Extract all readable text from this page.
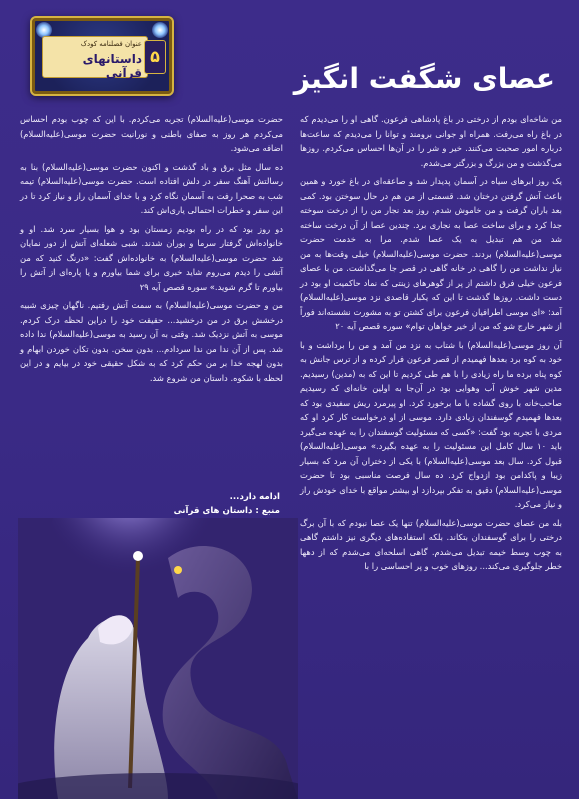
عنوان فصلنامه کودک
داستانهای قرآنی
۵
عصای شگفت انگیز

من شاخه‌ای بودم از درختی در باغ پادشاهی فرعون. گاهی او را می‌دیدم که در باغ راه می‌رفت. همراه او جوانی برومند و توانا را می‌دیدم که ساعت‌ها درباره امور صحبت می‌کنند. خیر و شر را در آن‌ها احساس می‌کردم. روزها می‌گذشت و من بزرگ و بزرگتر می‌شدم.

یک روز ابرهای سیاه در آسمان پدیدار شد و صاعقه‌ای در باغ خورد و همین باعث آتش گرفتن درختان شد. قسمتی از من هم در حال سوختن بود. کمی بعد باران گرفت و من خاموش شدم. روز بعد نجار من را از درخت سوخته جدا کرد و برای ساخت عصا به نجاری برد. چندین عصا از آن درخت ساخته شد من هم تبدیل به یک عصا شدم. مرا به خدمت حضرت موسی(علیه‌السلام) بردند. حضرت موسی(علیه‌السلام) خیلی وقت‌ها به من نیاز نداشت من را گاهی در خانه گاهی در قصر جا می‌گذاشت. من با عصای فرعون خیلی فرق داشتم از پر از گوهرهای زینتی که نماد حاکمیت او بود در دست داشت. روزها گذشت تا این که یکبار قاصدی نزد موسی(علیه‌السلام) آمد: «ای موسی اطرافیان فرعون برای کشتن تو به مشورت نشسته‌اند فوراً از شهر خارج شو که من از خیر خواهان توام» سوره قصص آیه ۲۰

آن روز موسی(علیه‌السلام) با شتاب به نزد من آمد و من را برداشت و با خود به کوه برد بعدها فهمیدم از قصر فرعون فرار کرده و از ترس جانش به کوه پناه برده ما راه زیادی را با هم طی کردیم تا این که به (مدین) رسیدیم. مدین شهر خوش آب وهوایی بود در آن‌جا به اولین خانه‌ای که رسیدیم صاحب‌خانه با روی گشاده با ما برخورد کرد. او پیرمرد ریش سفیدی بود که بعدها فهمیدم گوسفندان زیادی دارد. موسی از او درخواست کار کرد او که مردی با تجربه بود گفت: «کسی که مسئولیت گوسفندان را به عهده می‌گیرد باید ۱۰ سال کامل این مسئولیت را به عهده بگیرد.» موسی(علیه‌السلام) قبول کرد. سال بعد موسی(علیه‌السلام) با یکی از دختران آن مرد که بسیار زیبا و پاکدامن بود ازدواج کرد. ده سال فرصت مناسبی بود تا حضرت موسی(علیه‌السلام) دقیق به تفکر بپردازد او بیشتر مواقع با خدای خودش راز و نیاز می‌کرد.

بله من عصای حضرت موسی(علیه‌السلام) تنها یک عصا نبودم که با آن برگ درختی را برای گوسفندان بتکاند. بلکه استفاده‌های دیگری نیز داشتم گاهی به چوب وسط خیمه تبدیل می‌شدم. گاهی اسلحه‌ای می‌شدم که از دهها خطر جلوگیری می‌کند... روزهای خوب و پر احساسی را با

حضرت موسی(علیه‌السلام) تجربه می‌کردم. با این که چوب بودم احساس می‌کردم هر روز به صفای باطنی و نورانیت حضرت موسی(علیه‌السلام) اضافه می‌شود.

ده سال مثل برق و باد گذشت و اکنون حضرت موسی(علیه‌السلام) بنا به رسالتش آهنگ سفر در دلش افتاده است. حضرت موسی(علیه‌السلام) تیمه شب به صحرا رفت به آسمان نگاه کرد و با خدای آسمان راز و نیاز کرد تا در این سفر و خطرات احتمالی یاری‌اش کند.

دو روز بود که در راه بودیم زمستان بود و هوا بسیار سرد شد. او و خانواده‌اش گرفتار سرما و بوران شدند. شبی شعله‌ای آتش از دور نمایان شد حضرت موسی(علیه‌السلام) به خانواده‌اش گفت: «درنگ کنید که من آتشی را دیدم می‌روم شاید خبری برای شما بیاورم و یا پاره‌ای از آتش را بیاورم تا گرم شوید.» سوره قصص آیه ۲۹

من و حضرت موسی(علیه‌السلام) به سمت آتش رفتیم. ناگهان چیزی شبیه درخشش برق در من درخشید... حقیقت خود را دراین لحظه درک کردم. موسی به آتش نزدیک شد. وقتی به آن رسید به موسی(علیه‌السلام) ندا داده شد. پس از آن ندا من ندا سردادم... بدون سخن. بدون تکان خوردن ابهام و بدون لهجه خدا بر من حکم کرد که به شکل حقیقی خود در بیایم و در این لحظه با شکوه. داستان من شروع شد.

ادامه دارد...
منبع : داستان های قرآنی
